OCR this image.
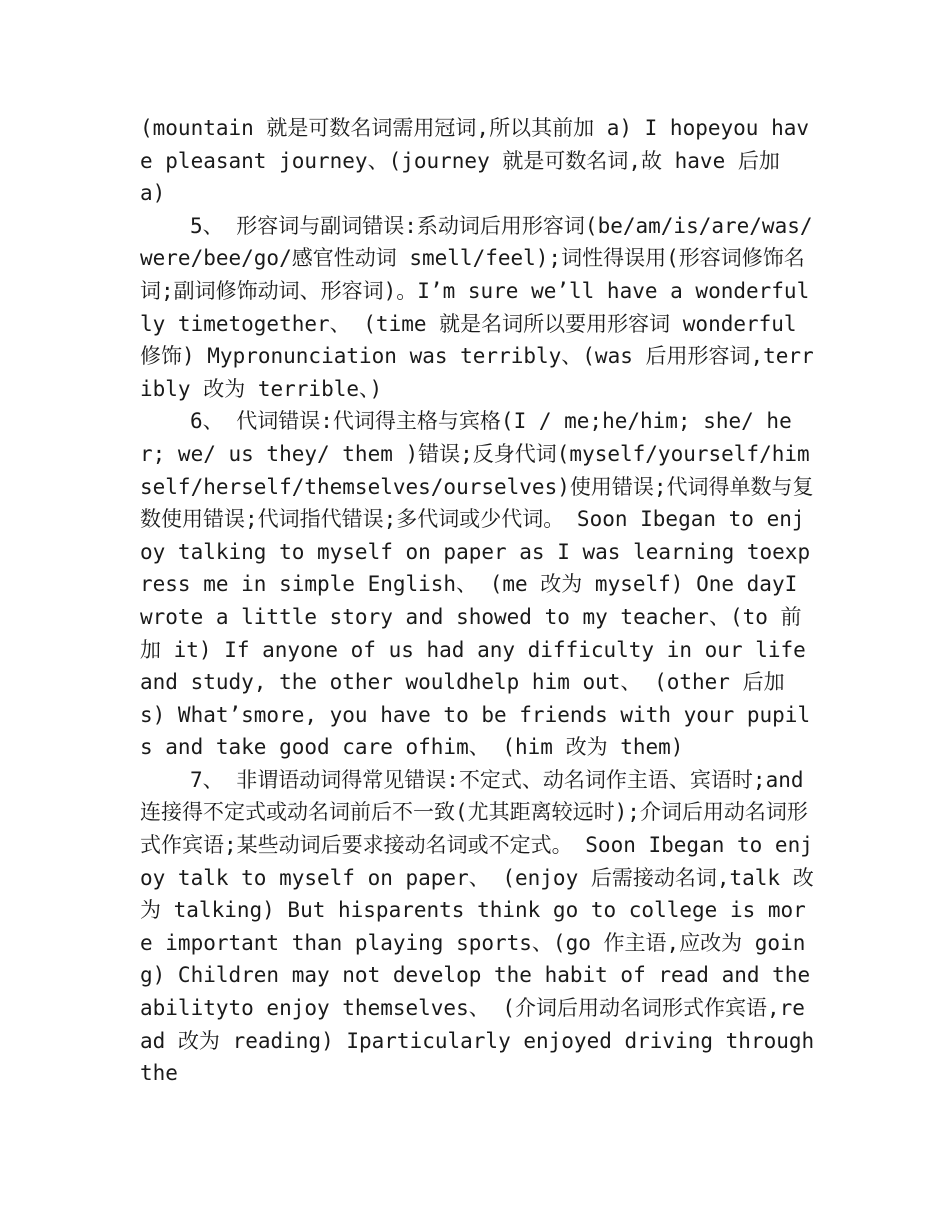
(mountain 就是可数名词需用冠词,所以其前加 a) I hopeyou have pleasant journey、(journey 就是可数名词,故 have 后加 a)

5、 形容词与副词错误:系动词后用形容词(be/am/is/are/was/were/bee/go/感官性动词 smell/feel);词性得误用(形容词修饰名词;副词修饰动词、形容词)。I’m sure we’ll have a wonderfully timetogether、 (time 就是名词所以要用形容词 wonderful 修饰) Mypronunciation was terribly、(was 后用形容词,terribly 改为 terrible、)

6、 代词错误:代词得主格与宾格(I / me;he/him; she/ her; we/ us they/ them )错误;反身代词(myself/yourself/himself/herself/themselves/ourselves)使用错误;代词得单数与复数使用错误;代词指代错误;多代词或少代词。 Soon Ibegan to enjoy talking to myself on paper as I was learning toexpress me in simple English、 (me 改为 myself) One dayI wrote a little story and showed to my teacher、(to 前加 it) If anyone of us had any difficulty in our life and study, the other wouldhelp him out、 (other 后加 s) What’smore, you have to be friends with your pupils and take good care ofhim、 (him 改为 them)

7、 非谓语动词得常见错误:不定式、动名词作主语、宾语时;and 连接得不定式或动名词前后不一致(尤其距离较远时);介词后用动名词形式作宾语;某些动词后要求接动名词或不定式。 Soon Ibegan to enjoy talk to myself on paper、 (enjoy 后需接动名词,talk 改为 talking) But hisparents think go to college is more important than playing sports、(go 作主语,应改为 going) Children may not develop the habit of read and the abilityto enjoy themselves、 (介词后用动名词形式作宾语,read 改为 reading) Iparticularly enjoyed driving through the
